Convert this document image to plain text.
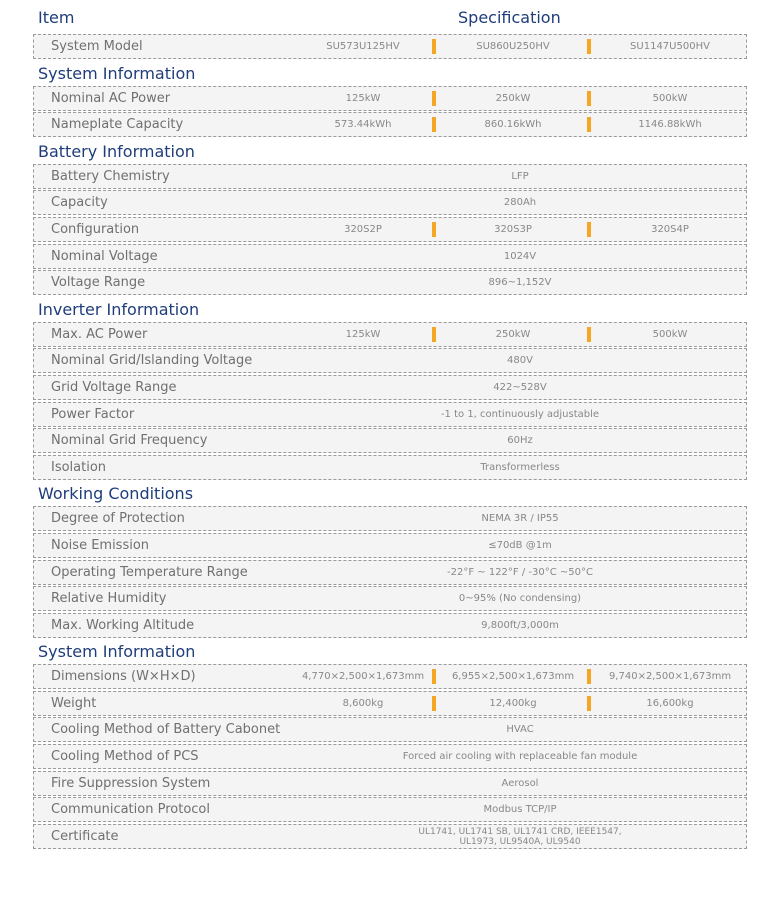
Item	Specification
System Model	SU573U125HV	SU860U250HV	SU1147U500HV
System Information
Nominal AC Power	125kW	250kW	500kW
Nameplate Capacity	573.44kWh	860.16kWh	1146.88kWh
Battery Information
Battery Chemistry	LFP
Capacity	280Ah
Configuration	320S2P	320S3P	320S4P
Nominal Voltage	1024V
Voltage Range	896~1,152V
Inverter Information
Max. AC Power	125kW	250kW	500kW
Nominal Grid/Islanding Voltage	480V
Grid Voltage Range	422~528V
Power Factor	-1 to 1, continuously adjustable
Nominal Grid Frequency	60Hz
Isolation	Transformerless
Working Conditions
Degree of Protection	NEMA 3R / IP55
Noise Emission	≤70dB @1m
Operating Temperature Range	-22°F ~ 122°F / -30°C ~50°C
Relative Humidity	0~95% (No condensing)
Max. Working Altitude	9,800ft/3,000m
System Information
Dimensions (W×H×D)	4,770×2,500×1,673mm	6,955×2,500×1,673mm	9,740×2,500×1,673mm
Weight	8,600kg	12,400kg	16,600kg
Cooling Method of Battery Cabonet	HVAC
Cooling Method of PCS	Forced air cooling with replaceable fan module
Fire Suppression System	Aerosol
Communication Protocol	Modbus TCP/IP
Certificate	UL1741, UL1741 SB, UL1741 CRD, IEEE1547,
UL1973, UL9540A, UL9540
